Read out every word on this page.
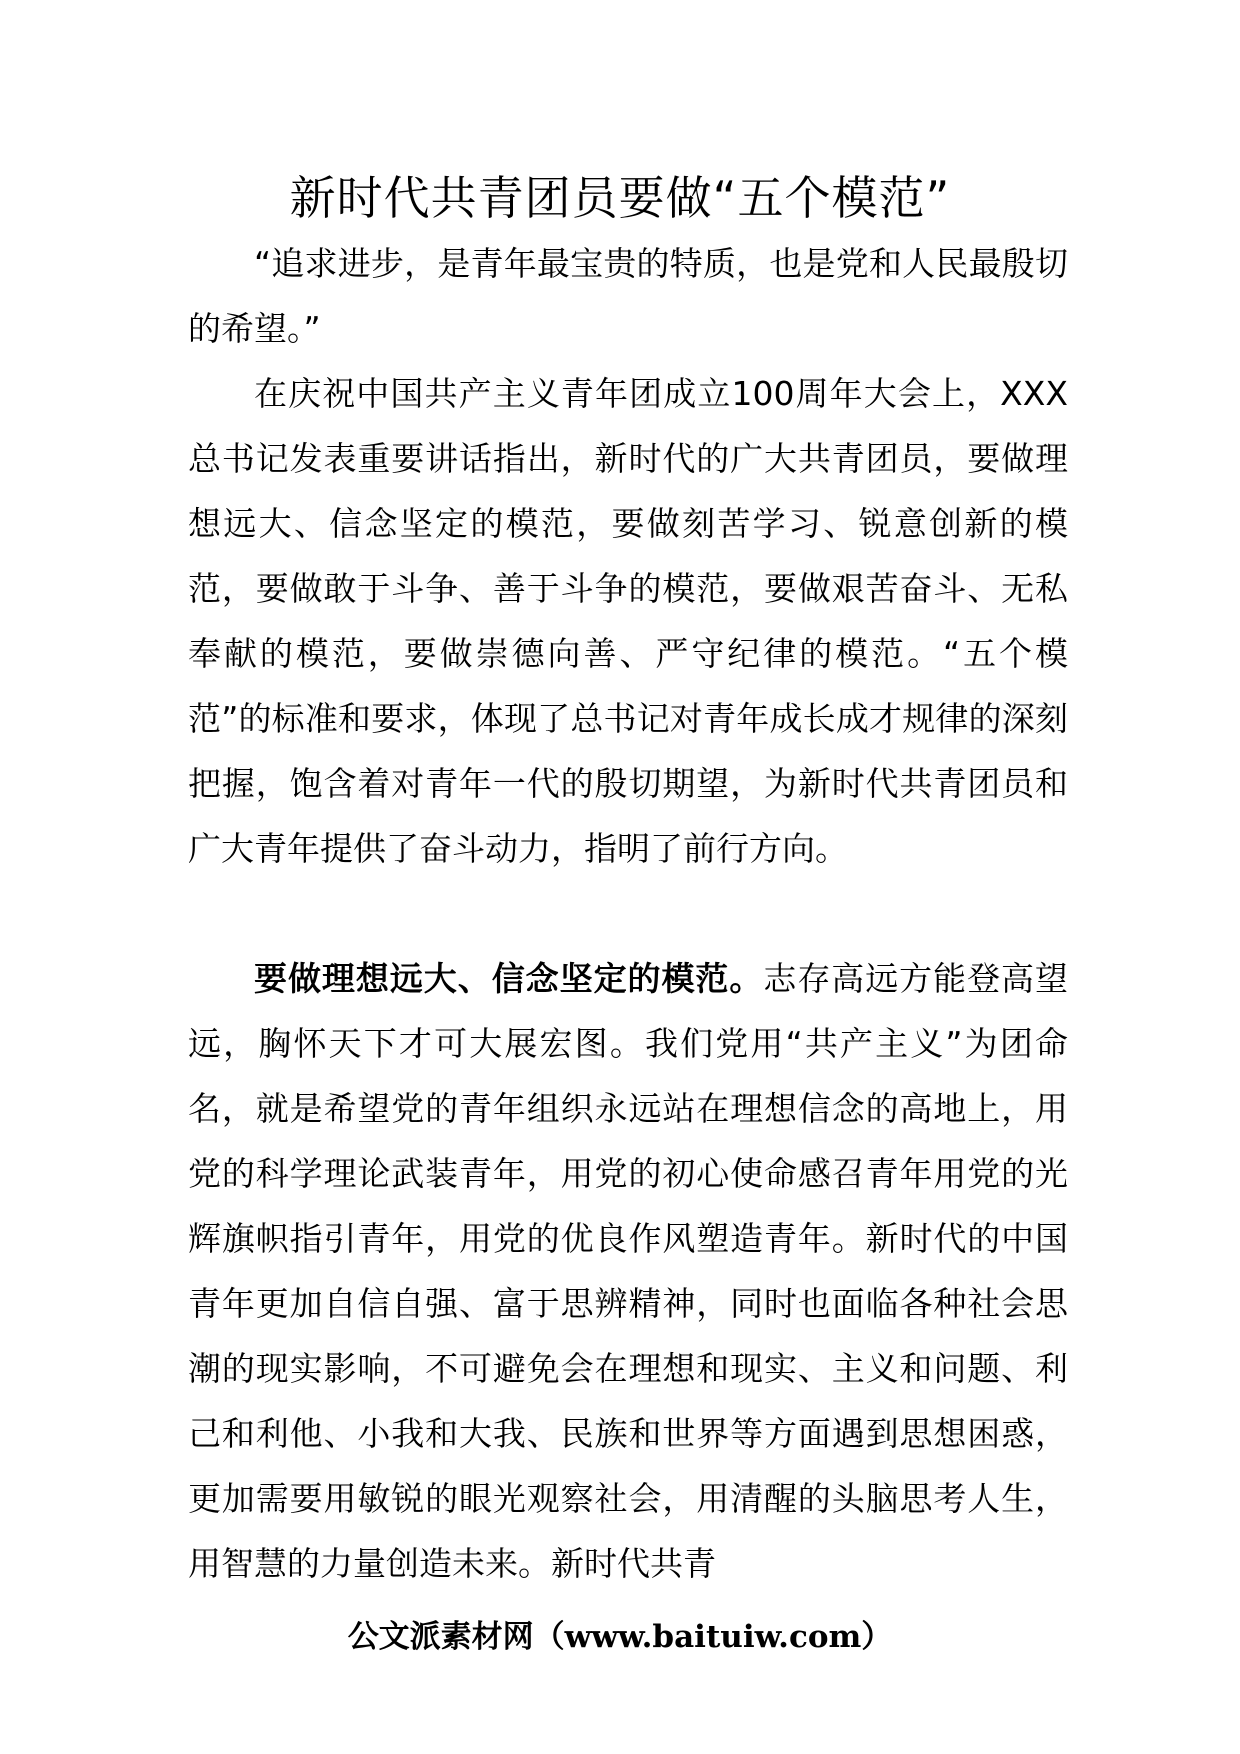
新时代共青团员要做“五个模范”

“追求进步，是青年最宝贵的特质，也是党和人民最殷切的希望。”

在庆祝中国共产主义青年团成立100周年大会上，XXX总书记发表重要讲话指出，新时代的广大共青团员，要做理想远大、信念坚定的模范，要做刻苦学习、锐意创新的模范，要做敢于斗争、善于斗争的模范，要做艰苦奋斗、无私奉献的模范，要做崇德向善、严守纪律的模范。“五个模范”的标准和要求，体现了总书记对青年成长成才规律的深刻把握，饱含着对青年一代的殷切期望，为新时代共青团员和广大青年提供了奋斗动力，指明了前行方向。

要做理想远大、信念坚定的模范。志存高远方能登高望远，胸怀天下才可大展宏图。我们党用“共产主义”为团命名，就是希望党的青年组织永远站在理想信念的高地上，用党的科学理论武装青年，用党的初心使命感召青年用党的光辉旗帜指引青年，用党的优良作风塑造青年。新时代的中国青年更加自信自强、富于思辨精神，同时也面临各种社会思潮的现实影响，不可避免会在理想和现实、主义和问题、利己和利他、小我和大我、民族和世界等方面遇到思想困惑，更加需要用敏锐的眼光观察社会，用清醒的头脑思考人生，用智慧的力量创造未来。新时代共青

公文派素材网（www.baituiw.com）
